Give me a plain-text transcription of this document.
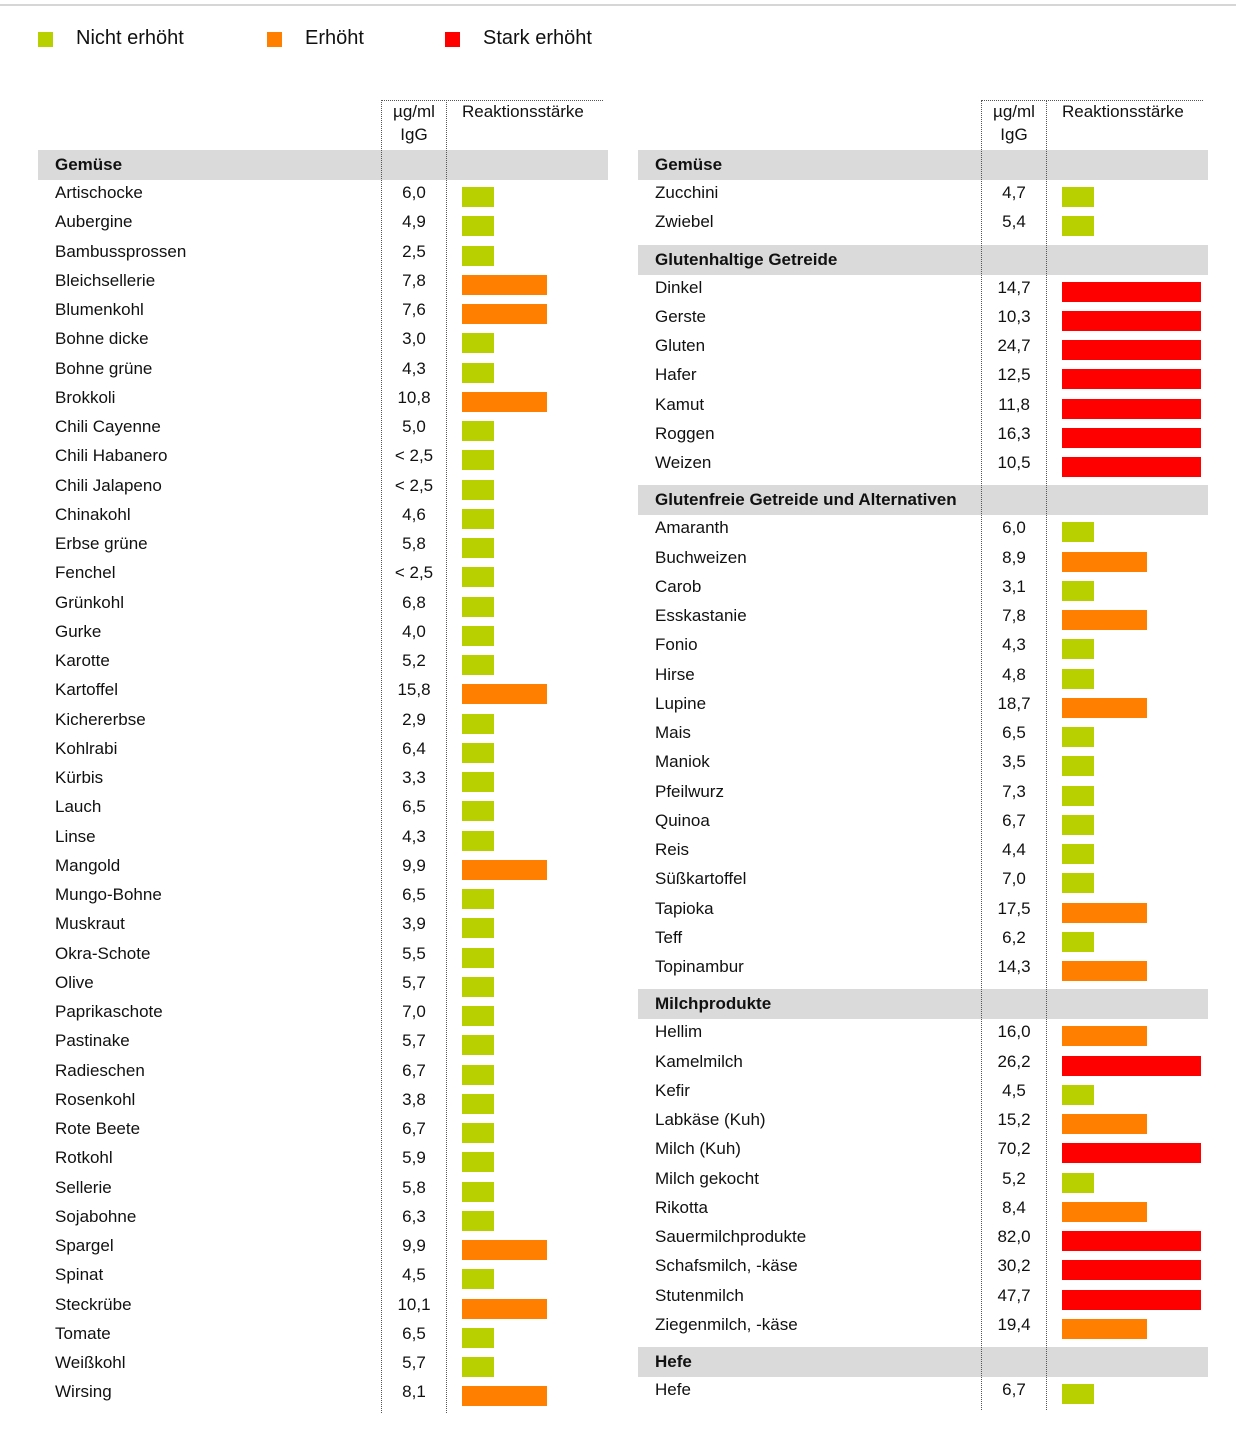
Nicht erhöht	Erhöht	Stark erhöht
µg/ml
IgG
Reaktionsstärke
Gemüse
Artischocke	6,0
Aubergine	4,9
Bambussprossen	2,5
Bleichsellerie	7,8
Blumenkohl	7,6
Bohne dicke	3,0
Bohne grüne	4,3
Brokkoli	10,8
Chili Cayenne	5,0
Chili Habanero	< 2,5
Chili Jalapeno	< 2,5
Chinakohl	4,6
Erbse grüne	5,8
Fenchel	< 2,5
Grünkohl	6,8
Gurke	4,0
Karotte	5,2
Kartoffel	15,8
Kichererbse	2,9
Kohlrabi	6,4
Kürbis	3,3
Lauch	6,5
Linse	4,3
Mangold	9,9
Mungo-Bohne	6,5
Muskraut	3,9
Okra-Schote	5,5
Olive	5,7
Paprikaschote	7,0
Pastinake	5,7
Radieschen	6,7
Rosenkohl	3,8
Rote Beete	6,7
Rotkohl	5,9
Sellerie	5,8
Sojabohne	6,3
Spargel	9,9
Spinat	4,5
Steckrübe	10,1
Tomate	6,5
Weißkohl	5,7
Wirsing	8,1
µg/ml
IgG
Reaktionsstärke
Gemüse
Zucchini	4,7
Zwiebel	5,4
Glutenhaltige Getreide
Dinkel	14,7
Gerste	10,3
Gluten	24,7
Hafer	12,5
Kamut	11,8
Roggen	16,3
Weizen	10,5
Glutenfreie Getreide und Alternativen
Amaranth	6,0
Buchweizen	8,9
Carob	3,1
Esskastanie	7,8
Fonio	4,3
Hirse	4,8
Lupine	18,7
Mais	6,5
Maniok	3,5
Pfeilwurz	7,3
Quinoa	6,7
Reis	4,4
Süßkartoffel	7,0
Tapioka	17,5
Teff	6,2
Topinambur	14,3
Milchprodukte
Hellim	16,0
Kamelmilch	26,2
Kefir	4,5
Labkäse (Kuh)	15,2
Milch (Kuh)	70,2
Milch gekocht	5,2
Rikotta	8,4
Sauermilchprodukte	82,0
Schafsmilch, -käse	30,2
Stutenmilch	47,7
Ziegenmilch, -käse	19,4
Hefe
Hefe	6,7
